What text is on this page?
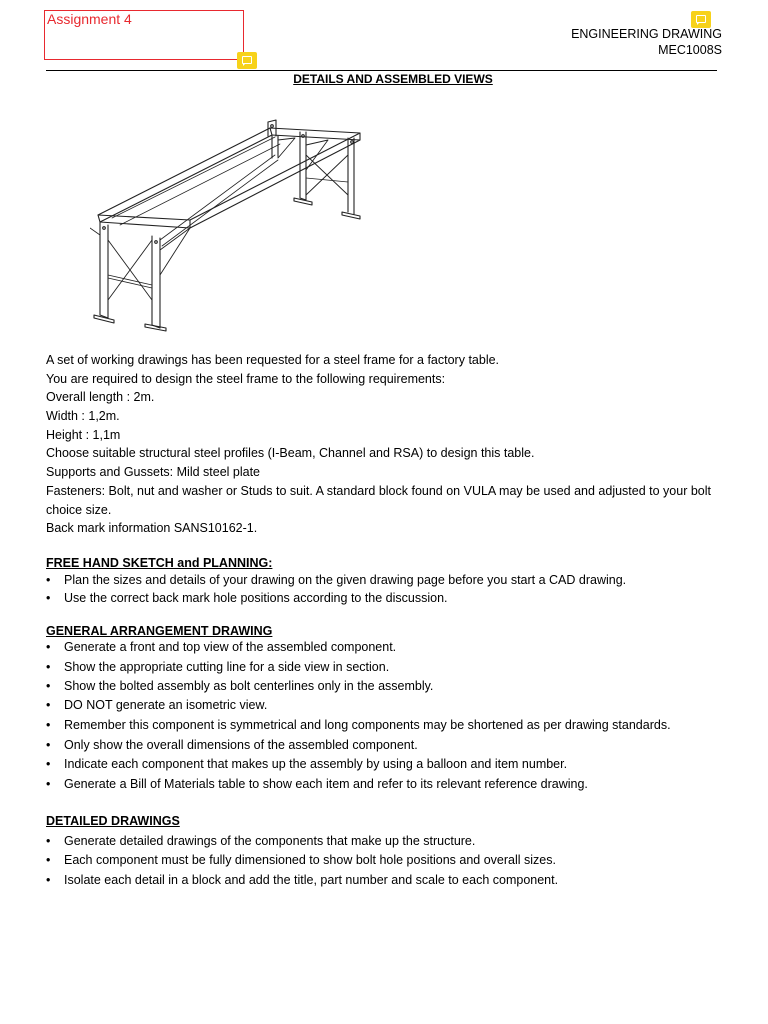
Assignment 4
ENGINEERING DRAWING
MEC1008S
DETAILS AND ASSEMBLED VIEWS
A set of working drawings has been requested for a steel frame for a factory table.
You are required to design the steel frame to the following requirements:
Overall length : 2m.
Width : 1,2m.
Height : 1,1m
Choose suitable structural steel profiles (I-Beam, Channel and RSA) to design this table.
Supports and Gussets: Mild steel plate
Fasteners: Bolt, nut and washer or Studs to suit. A standard block found on VULA may be used and adjusted to your bolt
choice size.
Back mark information SANS10162-1.
FREE HAND SKETCH and PLANNING:
• Plan the sizes and details of your drawing on the given drawing page before you start a CAD drawing.
• Use the correct back mark hole positions according to the discussion.
GENERAL ARRANGEMENT DRAWING
• Generate a front and top view of the assembled component.
• Show the appropriate cutting line for a side view in section.
• Show the bolted assembly as bolt centerlines only in the assembly.
• DO NOT generate an isometric view.
• Remember this component is symmetrical and long components may be shortened as per drawing standards.
• Only show the overall dimensions of the assembled component.
• Indicate each component that makes up the assembly by using a balloon and item number.
• Generate a Bill of Materials table to show each item and refer to its relevant reference drawing.
DETAILED DRAWINGS
• Generate detailed drawings of the components that make up the structure.
• Each component must be fully dimensioned to show bolt hole positions and overall sizes.
• Isolate each detail in a block and add the title, part number and scale to each component.
